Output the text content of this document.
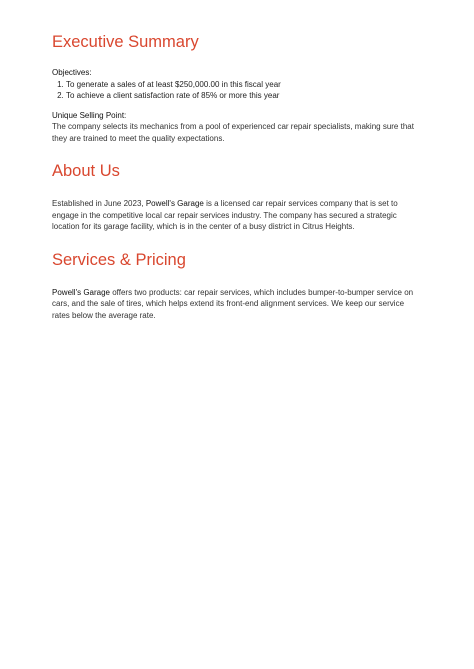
Executive Summary
Objectives:
1. To generate a sales of at least $250,000.00 in this fiscal year
2. To achieve a client satisfaction rate of 85% or more this year
Unique Selling Point:

The company selects its mechanics from a pool of experienced car repair specialists, making sure that they are trained to meet the quality expectations.

About Us

Established in June 2023, Powell's Garage is a licensed car repair services company that is set to engage in the competitive local car repair services industry. The company has secured a strategic location for its garage facility, which is in the center of a busy district in Citrus Heights.

Services & Pricing

Powell's Garage offers two products: car repair services, which includes bumper-to-bumper service on cars, and the sale of tires, which helps extend its front-end alignment services. We keep our service rates below the average rate.
